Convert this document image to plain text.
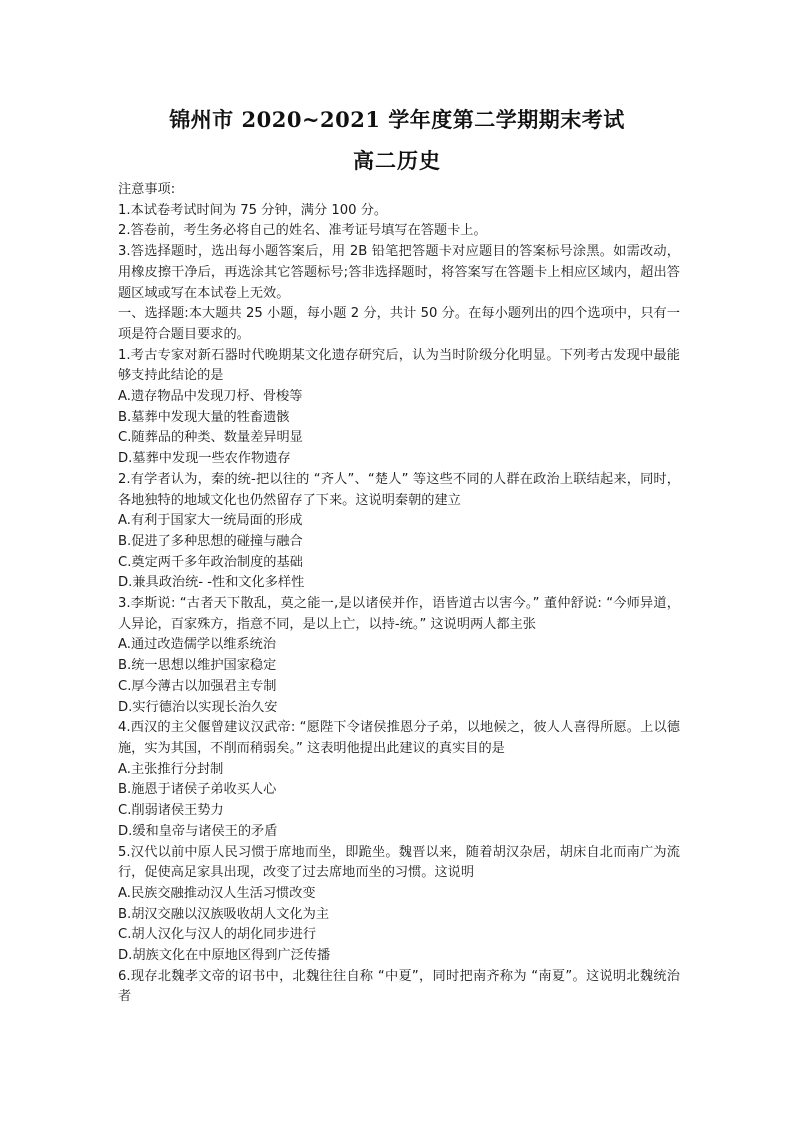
锦州市 2020~2021 学年度第二学期期末考试
高二历史

注意事项:

1.本试卷考试时间为 75 分钟，满分 100 分。

2.答卷前，考生务必将自己的姓名、准考证号填写在答题卡上。

3.答选择题时，选出每小题答案后，用 2B 铅笔把答题卡对应题目的答案标号涂黑。如需改动，用橡皮擦干净后，再选涂其它答题标号;答非选择题时，将答案写在答题卡上相应区域内，超出答题区域或写在本试卷上无效。

一、选择题:本大题共 25 小题，每小题 2 分，共计 50 分。在每小题列出的四个选项中，只有一项是符合题目要求的。

1.考古专家对新石器时代晚期某文化遗存研究后，认为当时阶级分化明显。下列考古发现中最能够支持此结论的是

A.遗存物品中发现刀杼、骨梭等

B.墓葬中发现大量的牲畜遗骸

C.随葬品的种类、数量差异明显

D.墓葬中发现一些农作物遗存

2.有学者认为，秦的统-把以往的 “齐人”、“楚人” 等这些不同的人群在政治上联结起来，同时，各地独特的地域文化也仍然留存了下来。这说明秦朝的建立

A.有利于国家大一统局面的形成

B.促进了多种思想的碰撞与融合

C.奠定两千多年政治制度的基础

D.兼具政治统- -性和文化多样性

3.李斯说: “古者天下散乱，莫之能一,是以诸侯并作，语皆道古以害今。” 董仲舒说: “今师异道，人异论，百家殊方，指意不同，是以上亡，以持-统。” 这说明两人都主张

A.通过改造儒学以维系统治

B.统一思想以维护国家稳定

C.厚今薄古以加强君主专制

D.实行德治以实现长治久安

4.西汉的主父偃曾建议汉武帝: “愿陛下令诸侯推恩分子弟，以地候之，彼人人喜得所愿。上以德施，实为其国，不削而稍弱矣。” 这表明他提出此建议的真实目的是

A.主张推行分封制

B.施恩于诸侯子弟收买人心

C.削弱诸侯王势力

D.缓和皇帝与诸侯王的矛盾

5.汉代以前中原人民习惯于席地而坐，即跪坐。魏晋以来，随着胡汉杂居，胡床自北而南广为流行，促使高足家具出现，改变了过去席地而坐的习惯。这说明

A.民族交融推动汉人生活习惯改变

B.胡汉交融以汉族吸收胡人文化为主

C.胡人汉化与汉人的胡化同步进行

D.胡族文化在中原地区得到广泛传播

6.现存北魏孝文帝的诏书中，北魏往往自称 “中夏”，同时把南齐称为 “南夏”。这说明北魏统治者
